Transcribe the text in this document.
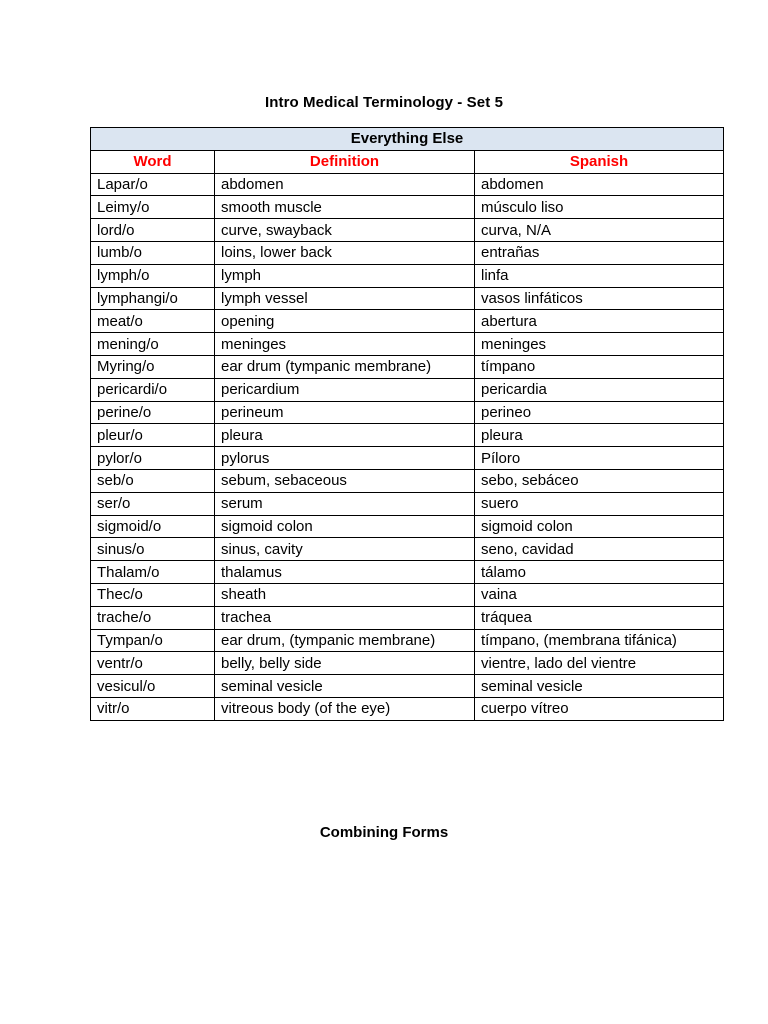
Intro Medical Terminology - Set 5
Everything Else		
Word	Definition	Spanish
Lapar/o	abdomen	abdomen
Leimy/o	smooth muscle	músculo liso
lord/o	curve, swayback	curva, N/A
lumb/o	loins, lower back	entrañas
lymph/o	lymph	linfa
lymphangi/o	lymph vessel	vasos linfáticos
meat/o	opening	abertura
mening/o	meninges	meninges
Myring/o	ear drum (tympanic membrane)	tímpano
pericardi/o	pericardium	pericardia
perine/o	perineum	perineo
pleur/o	pleura	pleura
pylor/o	pylorus	Píloro
seb/o	sebum, sebaceous	sebo, sebáceo
ser/o	serum	suero
sigmoid/o	sigmoid colon	sigmoid colon
sinus/o	sinus, cavity	seno, cavidad
Thalam/o	thalamus	tálamo
Thec/o	sheath	vaina
trache/o	trachea	tráquea
Tympan/o	ear drum, (tympanic membrane)	tímpano, (membrana tifánica)
ventr/o	belly, belly side	vientre, lado del vientre
vesicul/o	seminal vesicle	seminal vesicle
vitr/o	vitreous body (of the eye)	cuerpo vítreo
Combining Forms
